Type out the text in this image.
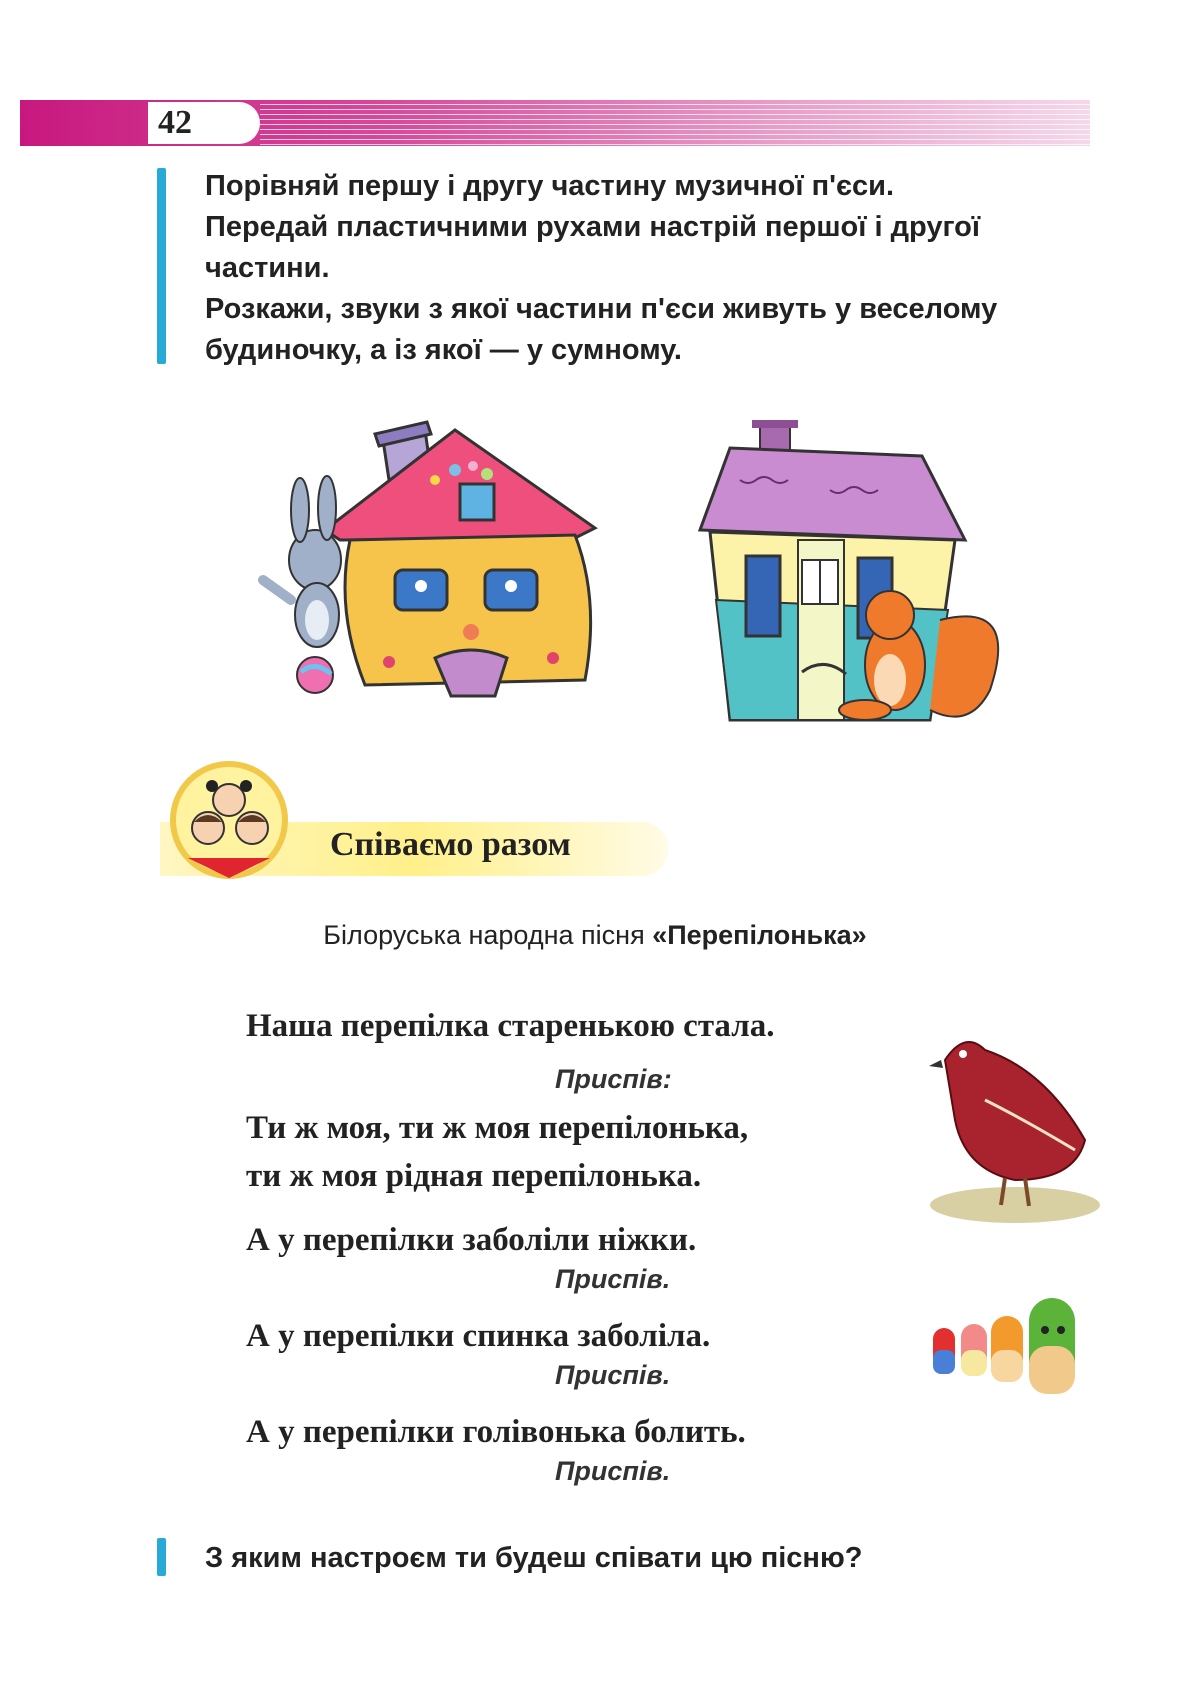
42
Порівняй першу і другу частину музичної п'єси.
Передай пластичними рухами настрій першої і другої
частини.
Розкажи, звуки з якої частини п'єси живуть у веселому
будиночку, а із якої — у сумному.
Співаємо разом
Білоруська народна пісня «Перепілонька»
Наша перепілка старенькою стала.
Приспів:
Ти ж моя, ти ж моя перепілонька,
ти ж моя рідная перепілонька.
А у перепілки заболіли ніжки.
Приспів.
А у перепілки спинка заболіла.
Приспів.
А у перепілки голівонька болить.
Приспів.
З яким настроєм ти будеш співати цю пісню?
